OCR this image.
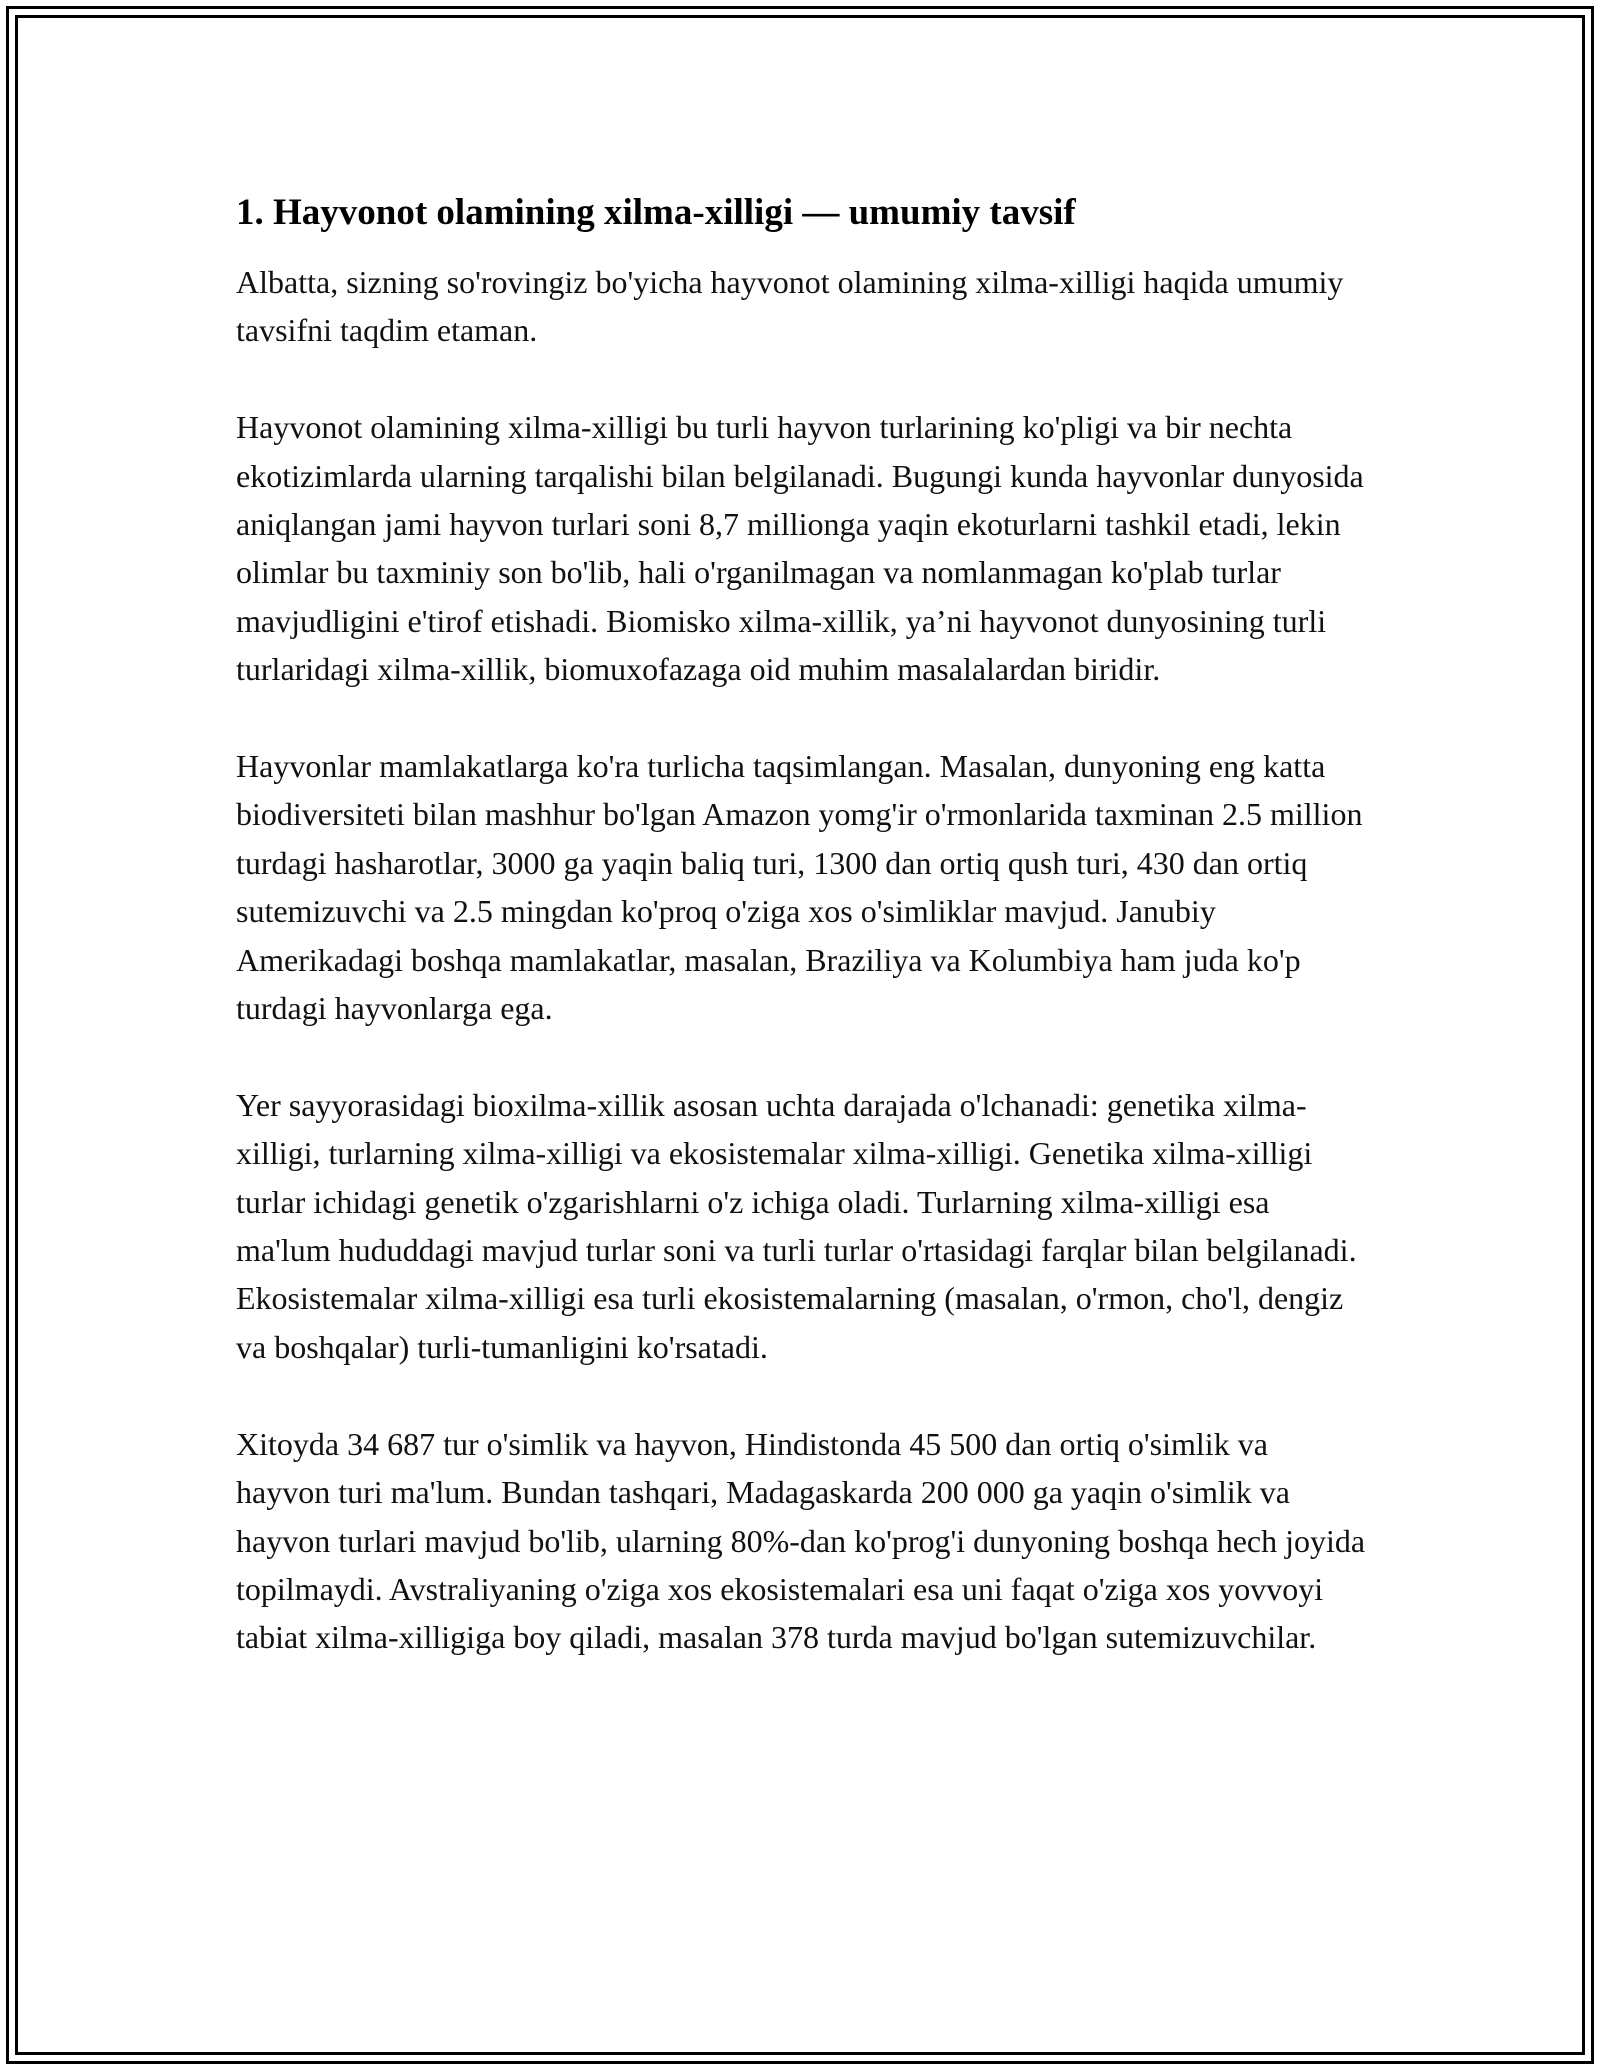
1. Hayvonot olamining xilma-xilligi — umumiy tavsif

Albatta, sizning so'rovingiz bo'yicha hayvonot olamining xilma-xilligi haqida umumiy tavsifni taqdim etaman.

Hayvonot olamining xilma-xilligi bu turli hayvon turlarining ko'pligi va bir nechta ekotizimlarda ularning tarqalishi bilan belgilanadi. Bugungi kunda hayvonlar dunyosida aniqlangan jami hayvon turlari soni 8,7 millionga yaqin ekoturlarni tashkil etadi, lekin olimlar bu taxminiy son bo'lib, hali o'rganilmagan va nomlanmagan ko'plab turlar mavjudligini e'tirof etishadi. Biomisko xilma-xillik, ya’ni hayvonot dunyosining turli turlaridagi xilma-xillik, biomuxofazaga oid muhim masalalardan biridir.

Hayvonlar mamlakatlarga ko'ra turlicha taqsimlangan. Masalan, dunyoning eng katta biodiversiteti bilan mashhur bo'lgan Amazon yomg'ir o'rmonlarida taxminan 2.5 million turdagi hasharotlar, 3000 ga yaqin baliq turi, 1300 dan ortiq qush turi, 430 dan ortiq sutemizuvchi va 2.5 mingdan ko'proq o'ziga xos o'simliklar mavjud. Janubiy Amerikadagi boshqa mamlakatlar, masalan, Braziliya va Kolumbiya ham juda ko'p turdagi hayvonlarga ega.

Yer sayyorasidagi bioxilma-xillik asosan uchta darajada o'lchanadi: genetika xilma-xilligi, turlarning xilma-xilligi va ekosistemalar xilma-xilligi. Genetika xilma-xilligi turlar ichidagi genetik o'zgarishlarni o'z ichiga oladi. Turlarning xilma-xilligi esa ma'lum hududdagi mavjud turlar soni va turli turlar o'rtasidagi farqlar bilan belgilanadi. Ekosistemalar xilma-xilligi esa turli ekosistemalarning (masalan, o'rmon, cho'l, dengiz va boshqalar) turli-tumanligini ko'rsatadi.

Xitoyda 34 687 tur o'simlik va hayvon, Hindistonda 45 500 dan ortiq o'simlik va hayvon turi ma'lum. Bundan tashqari, Madagaskarda 200 000 ga yaqin o'simlik va hayvon turlari mavjud bo'lib, ularning 80%-dan ko'prog'i dunyoning boshqa hech joyida topilmaydi. Avstraliyaning o'ziga xos ekosistemalari esa uni faqat o'ziga xos yovvoyi tabiat xilma-xilligiga boy qiladi, masalan 378 turda mavjud bo'lgan sutemizuvchilar.
